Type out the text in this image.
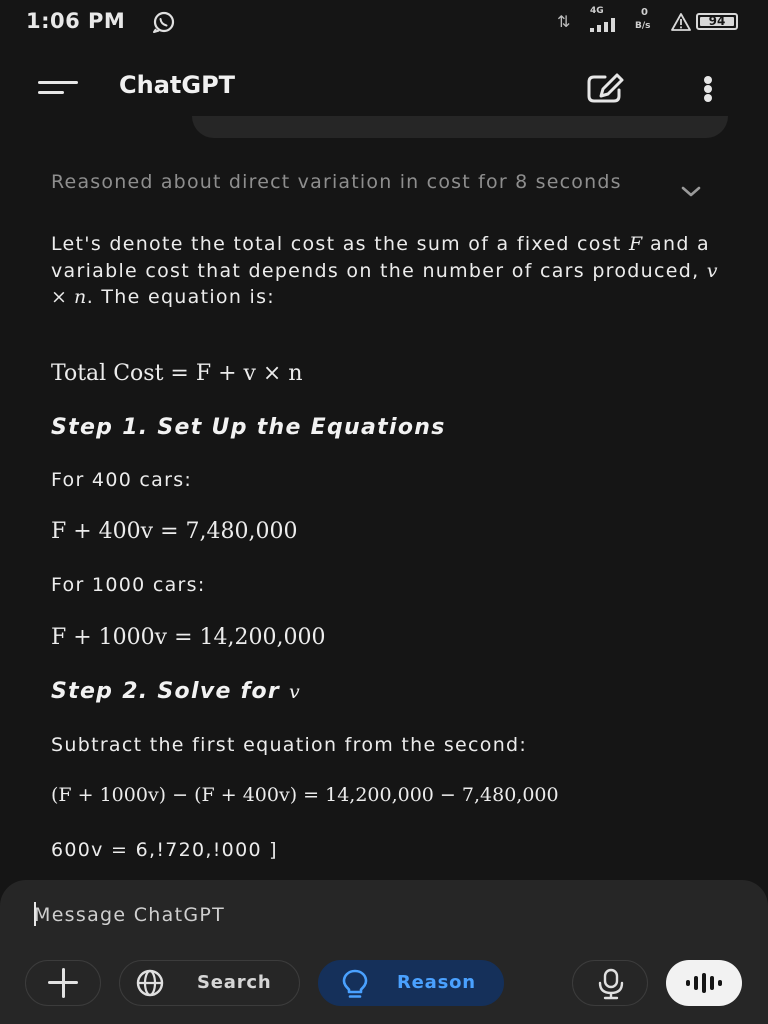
1:06 PM	⇅
4G	0
B/s	94
ChatGPT
Reasoned about direct variation in cost for 8 seconds
Let's denote the total cost as the sum of a fixed cost F and a variable cost that depends on the number of cars produced, v × n. The equation is:
Total Cost = F + v × n
Step 1. Set Up the Equations
For 400 cars:
F + 400v = 7,480,000
For 1000 cars:
F + 1000v = 14,200,000
Step 2. Solve for v
Subtract the first equation from the second:
(F + 1000v) − (F + 400v) = 14,200,000 − 7,480,000
600v = 6,!720,!000 ]
Message ChatGPT
Search	Reason
